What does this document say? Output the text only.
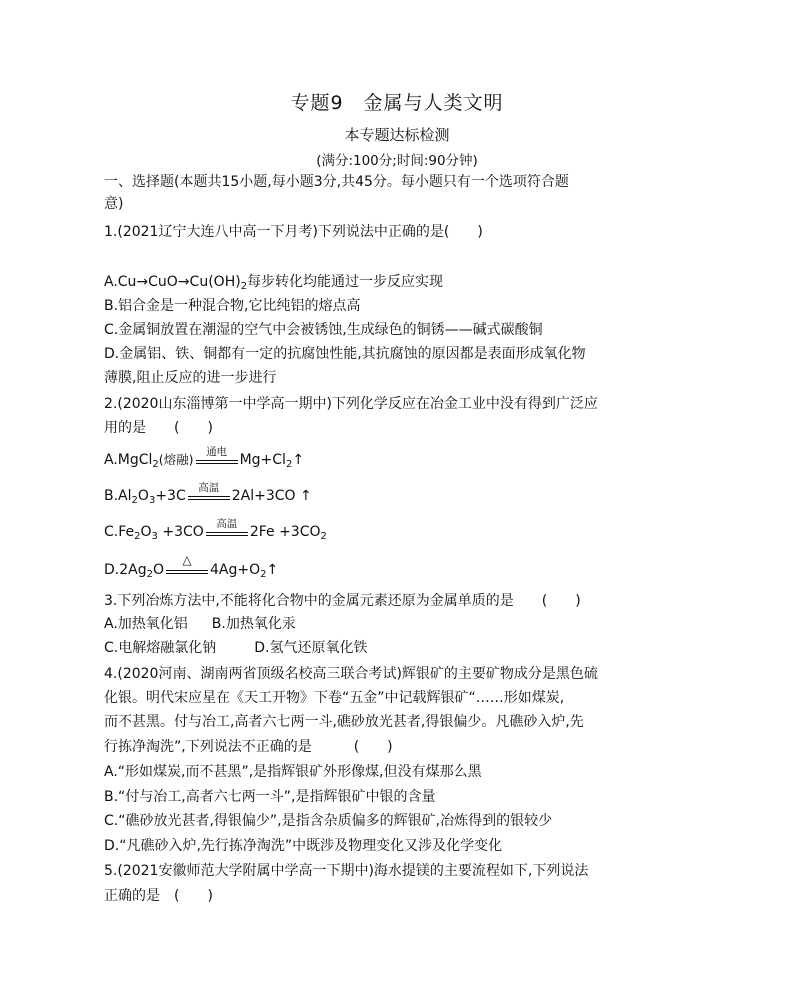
专题9　金属与人类文明
本专题达标检测
(满分:100分;时间:90分钟)
一、选择题(本题共15小题,每小题3分,共45分。每小题只有一个选项符合题
意)
1.(2021辽宁大连八中高一下月考)下列说法中正确的是(　　)
$A.Cu\to CuO\to Cu(OH)_2$每步转化均能通过一步反应实现
B.铝合金是一种混合物,它比纯铝的熔点高
C.金属铜放置在潮湿的空气中会被锈蚀,生成绿色的铜锈——碱式碳酸铜
D.金属铝、铁、铜都有一定的抗腐蚀性能,其抗腐蚀的原因都是表面形成氧化物
薄膜,阻止反应的进一步进行
2.(2020山东淄博第一中学高一期中)下列化学反应在冶金工业中没有得到广泛应
用的是　　(　　)
A.MgCl$_2$(熔融)	通电 $Mg+Cl_2↑$
$B.Al_2O_3+3C$	高温 2Al+3CO ↑
$C.Fe_2O_3 +3CO$	高温 $2Fe +3CO_2$
$D.2Ag_2O$
△
$4Ag+O_2↑$
3.下列冶炼方法中,不能将化合物中的金属元素还原为金属单质的是　　(　　)
A.加热氧化铝 B.加热氧化汞
C.电解熔融氯化钠	D.氢气还原氧化铁
4.(2020河南、湖南两省顶级名校高三联合考试)辉银矿的主要矿物成分是黑色硫
化银。明代宋应星在《天工开物》下卷“五金”中记载辉银矿“……形如煤炭,
而不甚黑。付与冶工,高者六七两一斗,礁砂放光甚者,得银偏少。凡礁砂入炉,先
行拣净淘洗”,下列说法不正确的是　　　(　　)
A.“形如煤炭,而不甚黑”,是指辉银矿外形像煤,但没有煤那么黑
B.“付与冶工,高者六七两一斗”,是指辉银矿中银的含量
C.“礁砂放光甚者,得银偏少”,是指含杂质偏多的辉银矿,冶炼得到的银较少
D.“凡礁砂入炉,先行拣净淘洗”中既涉及物理变化又涉及化学变化
5.(2021安徽师范大学附属中学高一下期中)海水提镁的主要流程如下,下列说法
正确的是　(　　)
